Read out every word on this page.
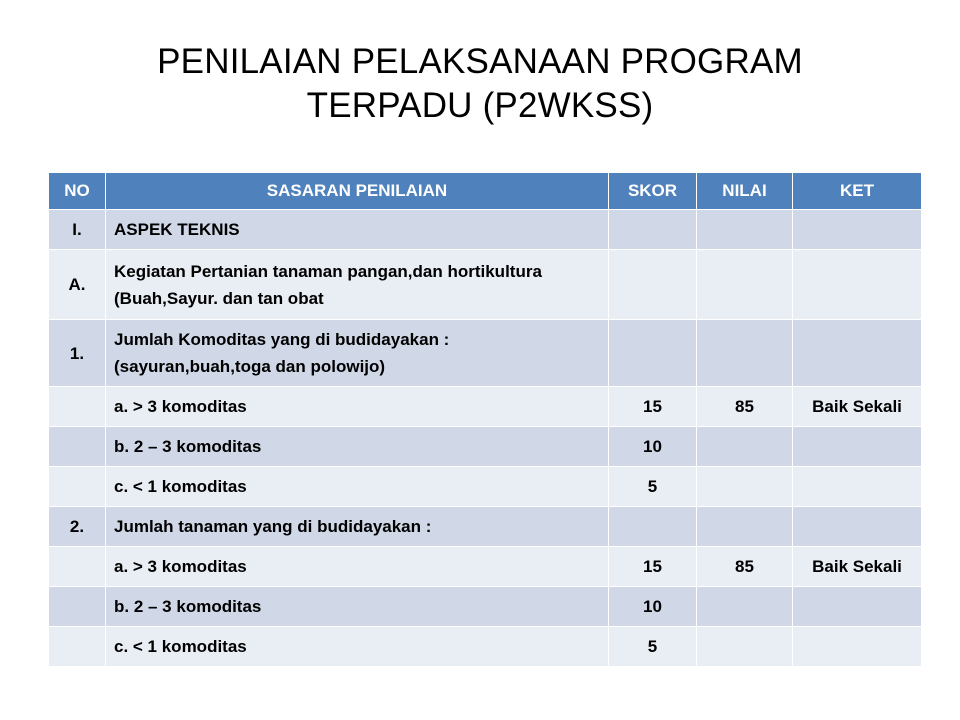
PENILAIAN PELAKSANAAN PROGRAM
TERPADU (P2WKSS)
NO	SASARAN PENILAIAN	SKOR	NILAI	KET
I.	ASPEK TEKNIS			
A.	Kegiatan Pertanian tanaman pangan,dan hortikultura (Buah,Sayur. dan tan obat			
1.	Jumlah Komoditas yang di budidayakan : (sayuran,buah,toga dan polowijo)			
	a. > 3 komoditas	15	85	Baik Sekali
	b. 2 – 3 komoditas	10		
	c. < 1 komoditas	5		
2.	Jumlah tanaman yang di budidayakan :			
	a. > 3 komoditas	15	85	Baik Sekali
	b. 2 – 3 komoditas	10		
	c. < 1 komoditas	5		
